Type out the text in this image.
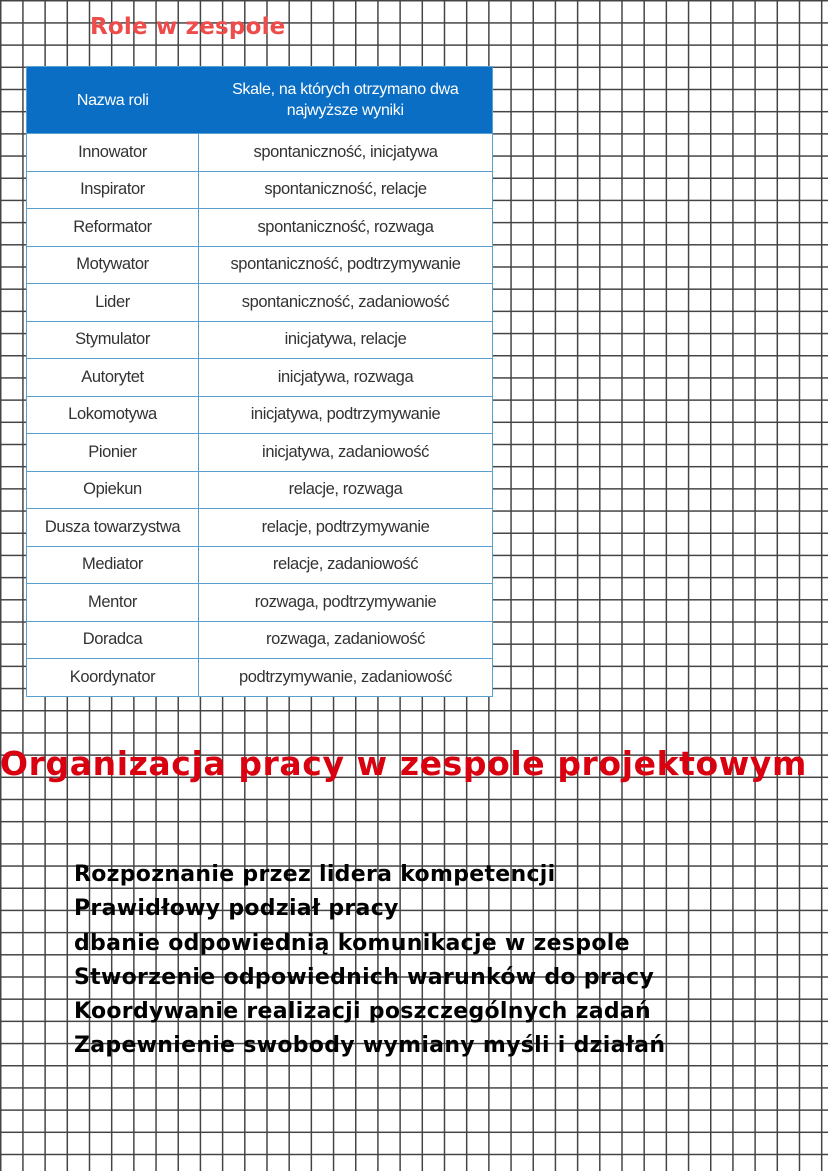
Role w zespole
Nazwa roli	Skale, na których otrzymano dwa najwyższe wyniki
Innowator	spontaniczność, inicjatywa
Inspirator	spontaniczność, relacje
Reformator	spontaniczność, rozwaga
Motywator	spontaniczność, podtrzymywanie
Lider	spontaniczność, zadaniowość
Stymulator	inicjatywa, relacje
Autorytet	inicjatywa, rozwaga
Lokomotywa	inicjatywa, podtrzymywanie
Pionier	inicjatywa, zadaniowość
Opiekun	relacje, rozwaga
Dusza towarzystwa	relacje, podtrzymywanie
Mediator	relacje, zadaniowość
Mentor	rozwaga, podtrzymywanie
Doradca	rozwaga, zadaniowość
Koordynator	podtrzymywanie, zadaniowość
Organizacja pracy w zespole projektowym
Rozpoznanie przez lidera kompetencji
Prawidłowy podział pracy
dbanie odpowiednią komunikacje w zespole
Stworzenie odpowiednich warunków do pracy
Koordywanie realizacji poszczególnych zadań
Zapewnienie swobody wymiany myśli i działań
